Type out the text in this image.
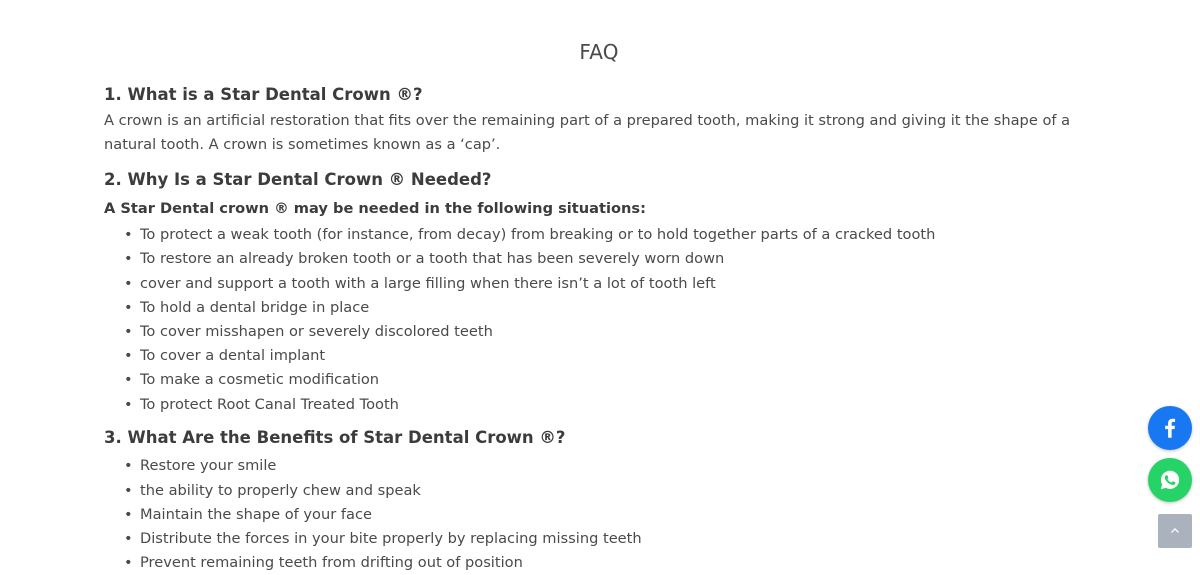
FAQ
1. What is a Star Dental Crown ®?

A crown is an artificial restoration that fits over the remaining part of a prepared tooth, making it strong and giving it the shape of a natural tooth. A crown is sometimes known as a ‘cap’.

2. Why Is a Star Dental Crown ® Needed?

A Star Dental crown ® may be needed in the following situations:

• To protect a weak tooth (for instance, from decay) from breaking or to hold together parts of a cracked tooth
• To restore an already broken tooth or a tooth that has been severely worn down
• cover and support a tooth with a large filling when there isn’t a lot of tooth left
• To hold a dental bridge in place
• To cover misshapen or severely discolored teeth
• To cover a dental implant
• To make a cosmetic modification
• To protect Root Canal Treated Tooth
3. What Are the Benefits of Star Dental Crown ®?
• Restore your smile
• the ability to properly chew and speak
• Maintain the shape of your face
• Distribute the forces in your bite properly by replacing missing teeth
• Prevent remaining teeth from drifting out of position
